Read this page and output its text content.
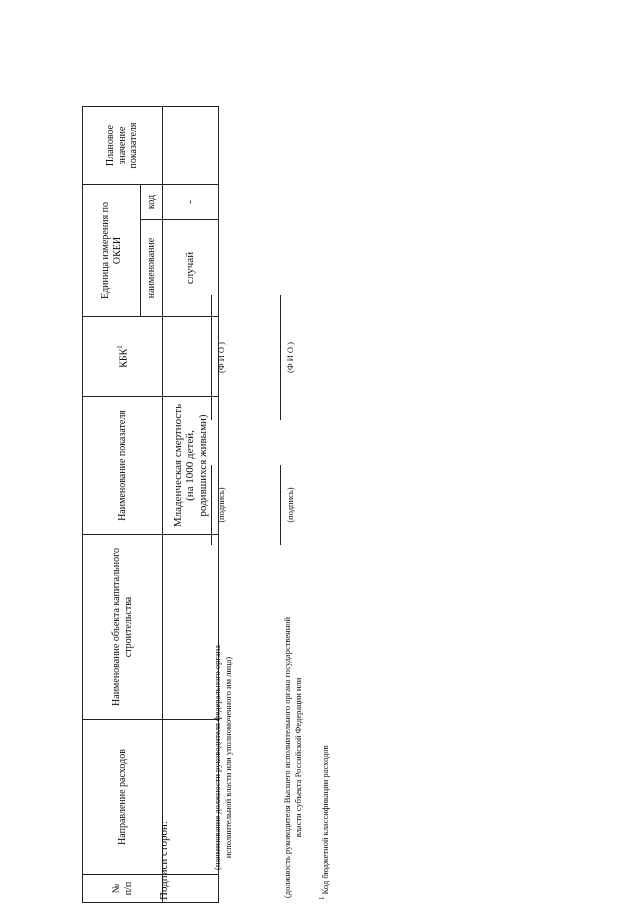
№ п/п	Направление расходов	Наименование объекта капитального строительства	Наименование показателя	КБК$^1$	Единица измерения по ОКЕИ		Плановое значение показателя
					наименование	код	
			Младенческая смертность (на 1000 детей, родившихся живыми)		случай	-	
Подписи сторон:	(наименование должности руководителя федерального органа исполнительной власти или уполномоченного им лица)
(подпись)
(Ф И О )
(должность руководителя Высшего исполнительного органа государственной власти субъекта Российской Федерации или
(подпись)
(Ф И О )
$^1$ Код бюджетной классификации расходов
